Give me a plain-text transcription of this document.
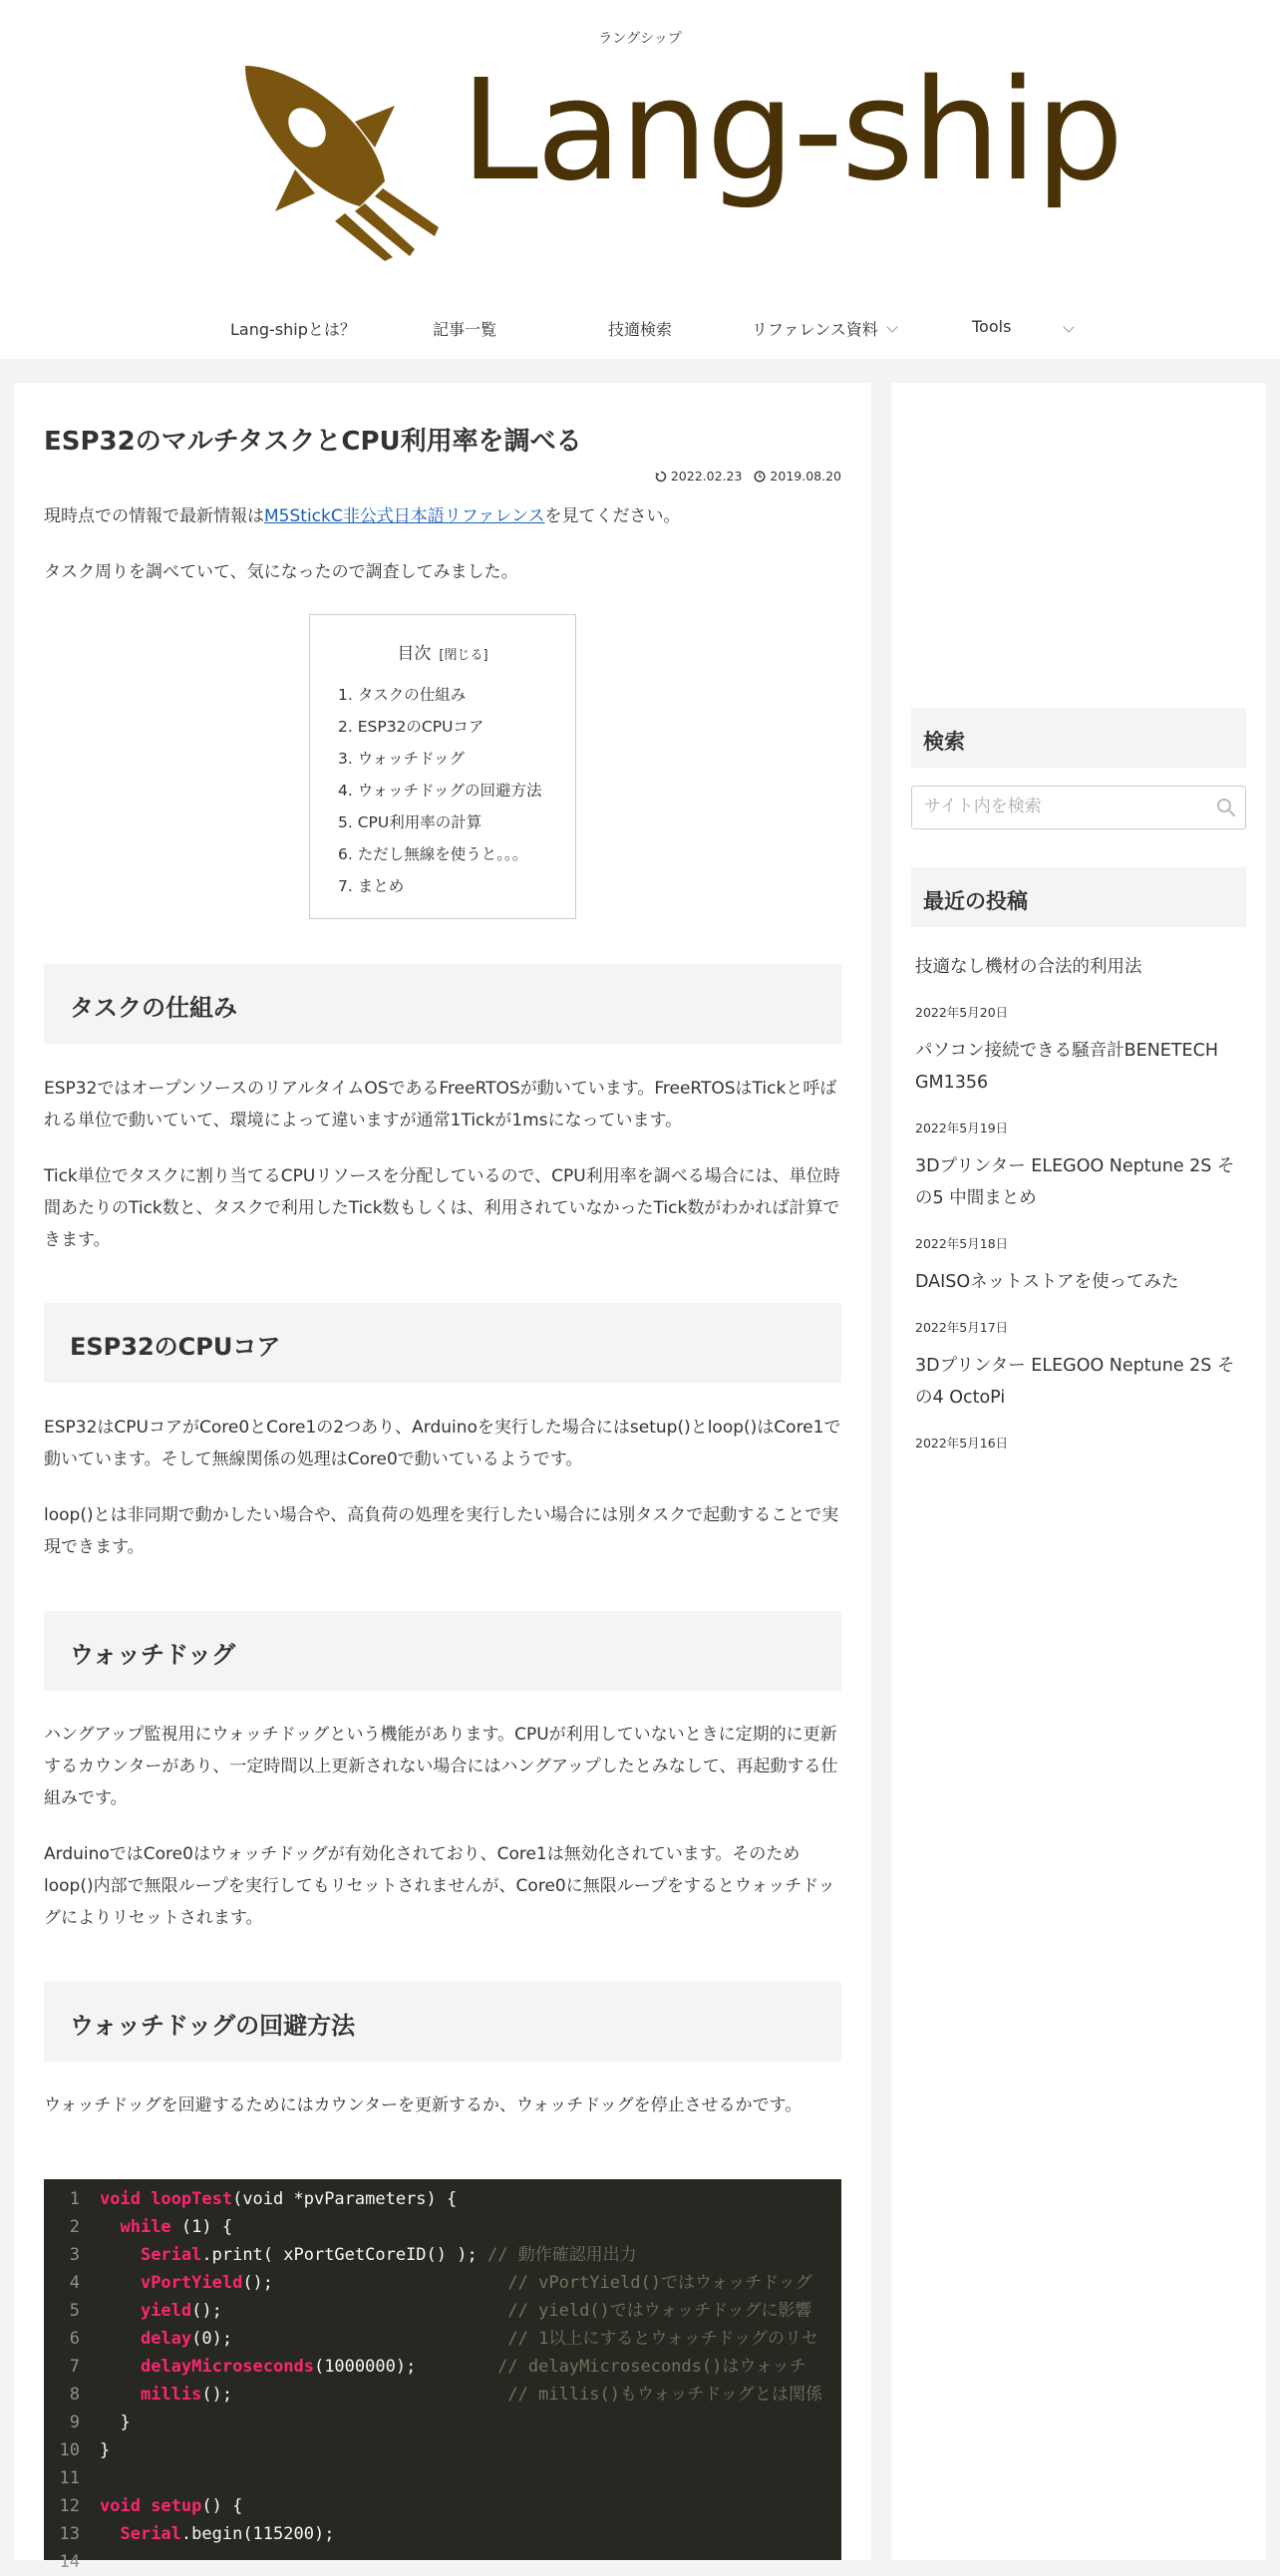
ラングシップ
Lang-ship
Lang-shipとは？	記事一覧	技適検索	リファレンス資料	Tools
ESP32のマルチタスクとCPU利用率を調べる
2022.02.23 2019.08.20
現時点での情報で最新情報はM5StickC非公式日本語リファレンスを見てください。
タスク周りを調べていて、気になったので調査してみました。
目次 [閉じる]
1. タスクの仕組み
2. ESP32のCPUコア
3. ウォッチドッグ
4. ウォッチドッグの回避方法
5. CPU利用率の計算
6. ただし無線を使うと。。。
7. まとめ
タスクの仕組み
ESP32ではオープンソースのリアルタイムOSであるFreeRTOSが動いています。FreeRTOSはTickと呼ばれる単位で動いていて、環境によって違いますが通常1Tickが1msになっています。
Tick単位でタスクに割り当てるCPUリソースを分配しているので、CPU利用率を調べる場合には、単位時間あたりのTick数と、タスクで利用したTick数もしくは、利用されていなかったTick数がわかれば計算できます。
ESP32のCPUコア
ESP32はCPUコアがCore0とCore1の2つあり、Arduinoを実行した場合にはsetup()とloop()はCore1で動いています。そして無線関係の処理はCore0で動いているようです。
loop()とは非同期で動かしたい場合や、高負荷の処理を実行したい場合には別タスクで起動することで実現できます。
ウォッチドッグ
ハングアップ監視用にウォッチドッグという機能があります。CPUが利用していないときに定期的に更新するカウンターがあり、一定時間以上更新されない場合にはハングアップしたとみなして、再起動する仕組みです。
ArduinoではCore0はウォッチドッグが有効化されており、Core1は無効化されています。そのためloop()内部で無限ループを実行してもリセットされませんが、Core0に無限ループをするとウォッチドッグによりリセットされます。
ウォッチドッグの回避方法
ウォッチドッグを回避するためにはカウンターを更新するか、ウォッチドッグを停止させるかです。
1 void loopTest(void *pvParameters) {
2 while (1) {
3	Serial.print( xPortGetCoreID() ); // 動作確認用出力
4	vPortYield();                       // vPortYield()ではウォッチドッグ
5	yield();                            // yield()ではウォッチドッグに影響
6	delay(0);                           // 1以上にするとウォッチドッグのリセ
7	delayMicroseconds(1000000);        // delayMicroseconds()はウォッチ
8	millis();                           // millis()もウォッチドッグとは関係
9  }
10 }
11
12 void setup() {
13 Serial.begin(115200);
14
検索
サイト内を検索
最近の投稿
技適なし機材の合法的利用法
2022年5月20日
パソコン接続できる騒音計BENETECH GM1356
2022年5月19日
3Dプリンター ELEGOO Neptune 2S その5 中間まとめ
2022年5月18日
DAISOネットストアを使ってみた
2022年5月17日
3Dプリンター ELEGOO Neptune 2S その4 OctoPi
2022年5月16日
